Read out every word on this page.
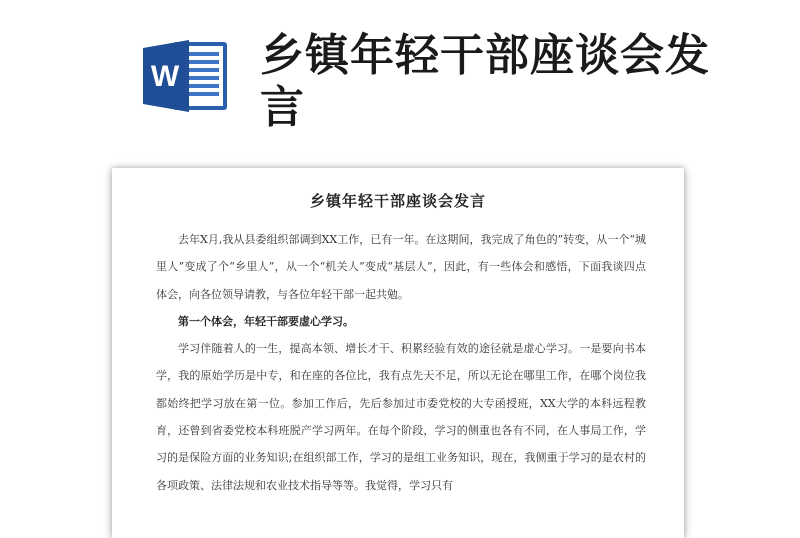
W 乡镇年轻干部座谈会发言
乡镇年轻干部座谈会发言

去年X月,我从县委组织部调到XX工作，已有一年。在这期间，我完成了角色的”转变，从一个“城里人”变成了个“乡里人”，从一个“机关人”变成“基层人”，因此，有一些体会和感悟，下面我谈四点体会，向各位领导请教，与各位年轻干部一起共勉。

第一个体会，年轻干部要虚心学习。

学习伴随着人的一生，提高本领、增长才干、积累经验有效的途径就是虚心学习。一是要向书本学，我的原始学历是中专，和在座的各位比，我有点先天不足，所以无论在哪里工作，在哪个岗位我都始终把学习放在第一位。参加工作后，先后参加过市委党校的大专函授班，XX大学的本科远程教育，还曾到省委党校本科班脱产学习两年。在每个阶段，学习的侧重也各有不同，在人事局工作，学习的是保险方面的业务知识;在组织部工作，学习的是组工业务知识，现在，我侧重于学习的是农村的各项政策、法律法规和农业技术指导等等。我觉得，学习只有
